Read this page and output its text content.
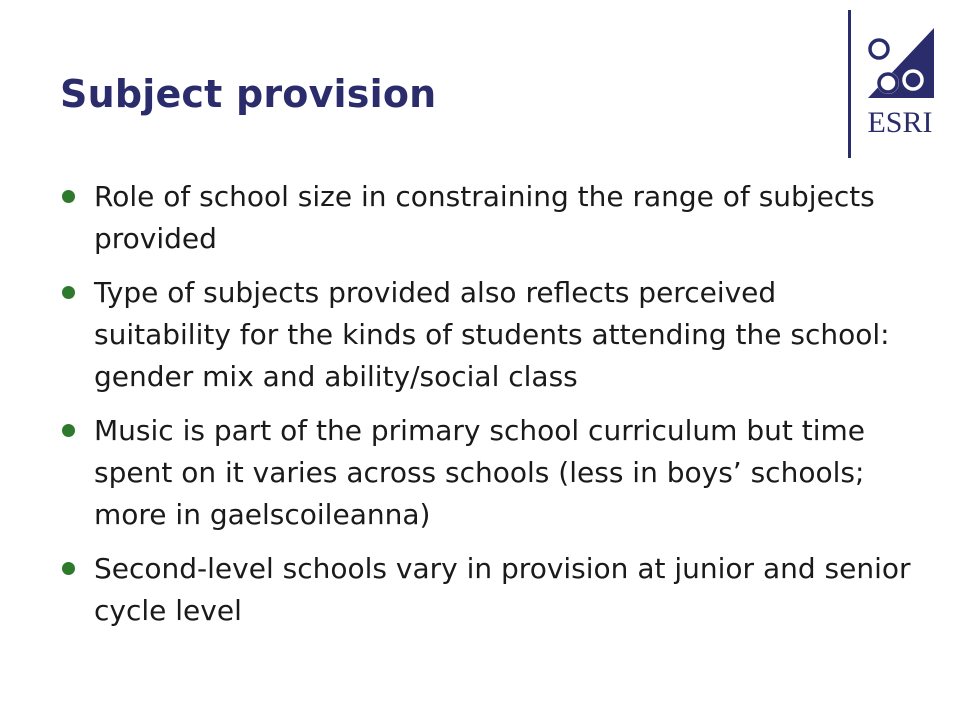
Subject provision
ESRI
Role of school size in constraining the range of subjects provided
Type of subjects provided also reflects perceived suitability for the kinds of students attending the school: gender mix and ability/social class
Music is part of the primary school curriculum but time spent on it varies across schools (less in boys’ schools; more in gaelscoileanna)
Second-level schools vary in provision at junior and senior cycle level
